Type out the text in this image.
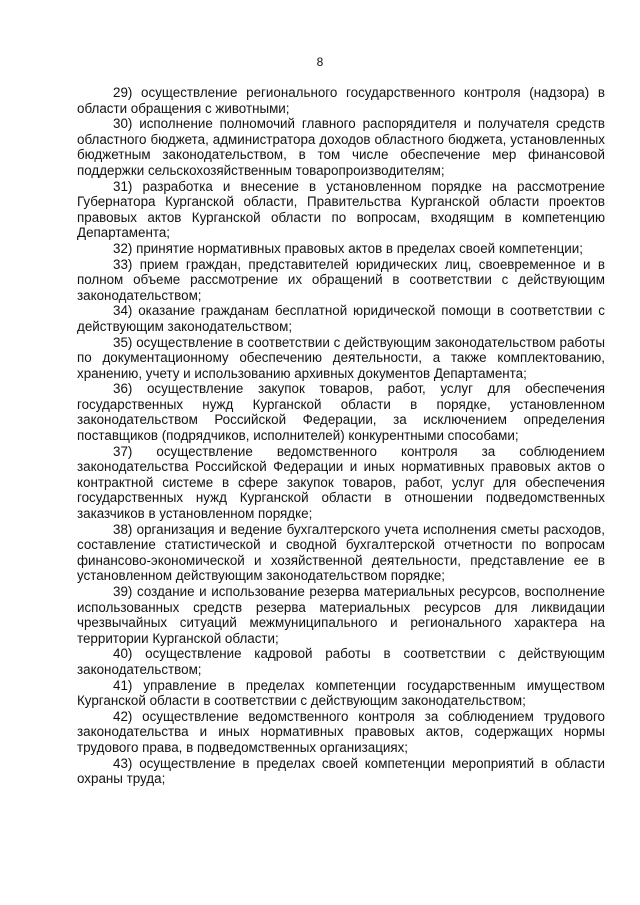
8

29) осуществление регионального государственного контроля (надзора) в области обращения с животными;

30) исполнение полномочий главного распорядителя и получателя средств областного бюджета, администратора доходов областного бюджета, установленных бюджетным законодательством, в том числе обеспечение мер финансовой поддержки сельскохозяйственным товаропроизводителям;

31) разработка и внесение в установленном порядке на рассмотрение Губернатора Курганской области, Правительства Курганской области проектов правовых актов Курганской области по вопросам, входящим в компетенцию Департамента;

32) принятие нормативных правовых актов в пределах своей компетенции;

33) прием граждан, представителей юридических лиц, своевременное и в полном объеме рассмотрение их обращений в соответствии с действующим законодательством;

34) оказание гражданам бесплатной юридической помощи в соответствии с действующим законодательством;

35) осуществление в соответствии с действующим законодательством работы по документационному обеспечению деятельности, а также комплектованию, хранению, учету и использованию архивных документов Департамента;

36) осуществление закупок товаров, работ, услуг для обеспечения государственных нужд Курганской области в порядке, установленном законодательством Российской Федерации, за исключением определения поставщиков (подрядчиков, исполнителей) конкурентными способами;

37) осуществление ведомственного контроля за соблюдением законодательства Российской Федерации и иных нормативных правовых актов о контрактной системе в сфере закупок товаров, работ, услуг для обеспечения государственных нужд Курганской области в отношении подведомственных заказчиков в установленном порядке;

38) организация и ведение бухгалтерского учета исполнения сметы расходов, составление статистической и сводной бухгалтерской отчетности по вопросам финансово-экономической и хозяйственной деятельности, представление ее в установленном действующим законодательством порядке;

39) создание и использование резерва материальных ресурсов, восполнение использованных средств резерва материальных ресурсов для ликвидации чрезвычайных ситуаций межмуниципального и регионального характера на территории Курганской области;

40) осуществление кадровой работы в соответствии с действующим законодательством;

41) управление в пределах компетенции государственным имуществом Курганской области в соответствии с действующим законодательством;

42) осуществление ведомственного контроля за соблюдением трудового законодательства и иных нормативных правовых актов, содержащих нормы трудового права, в подведомственных организациях;

43) осуществление в пределах своей компетенции мероприятий в области охраны труда;
